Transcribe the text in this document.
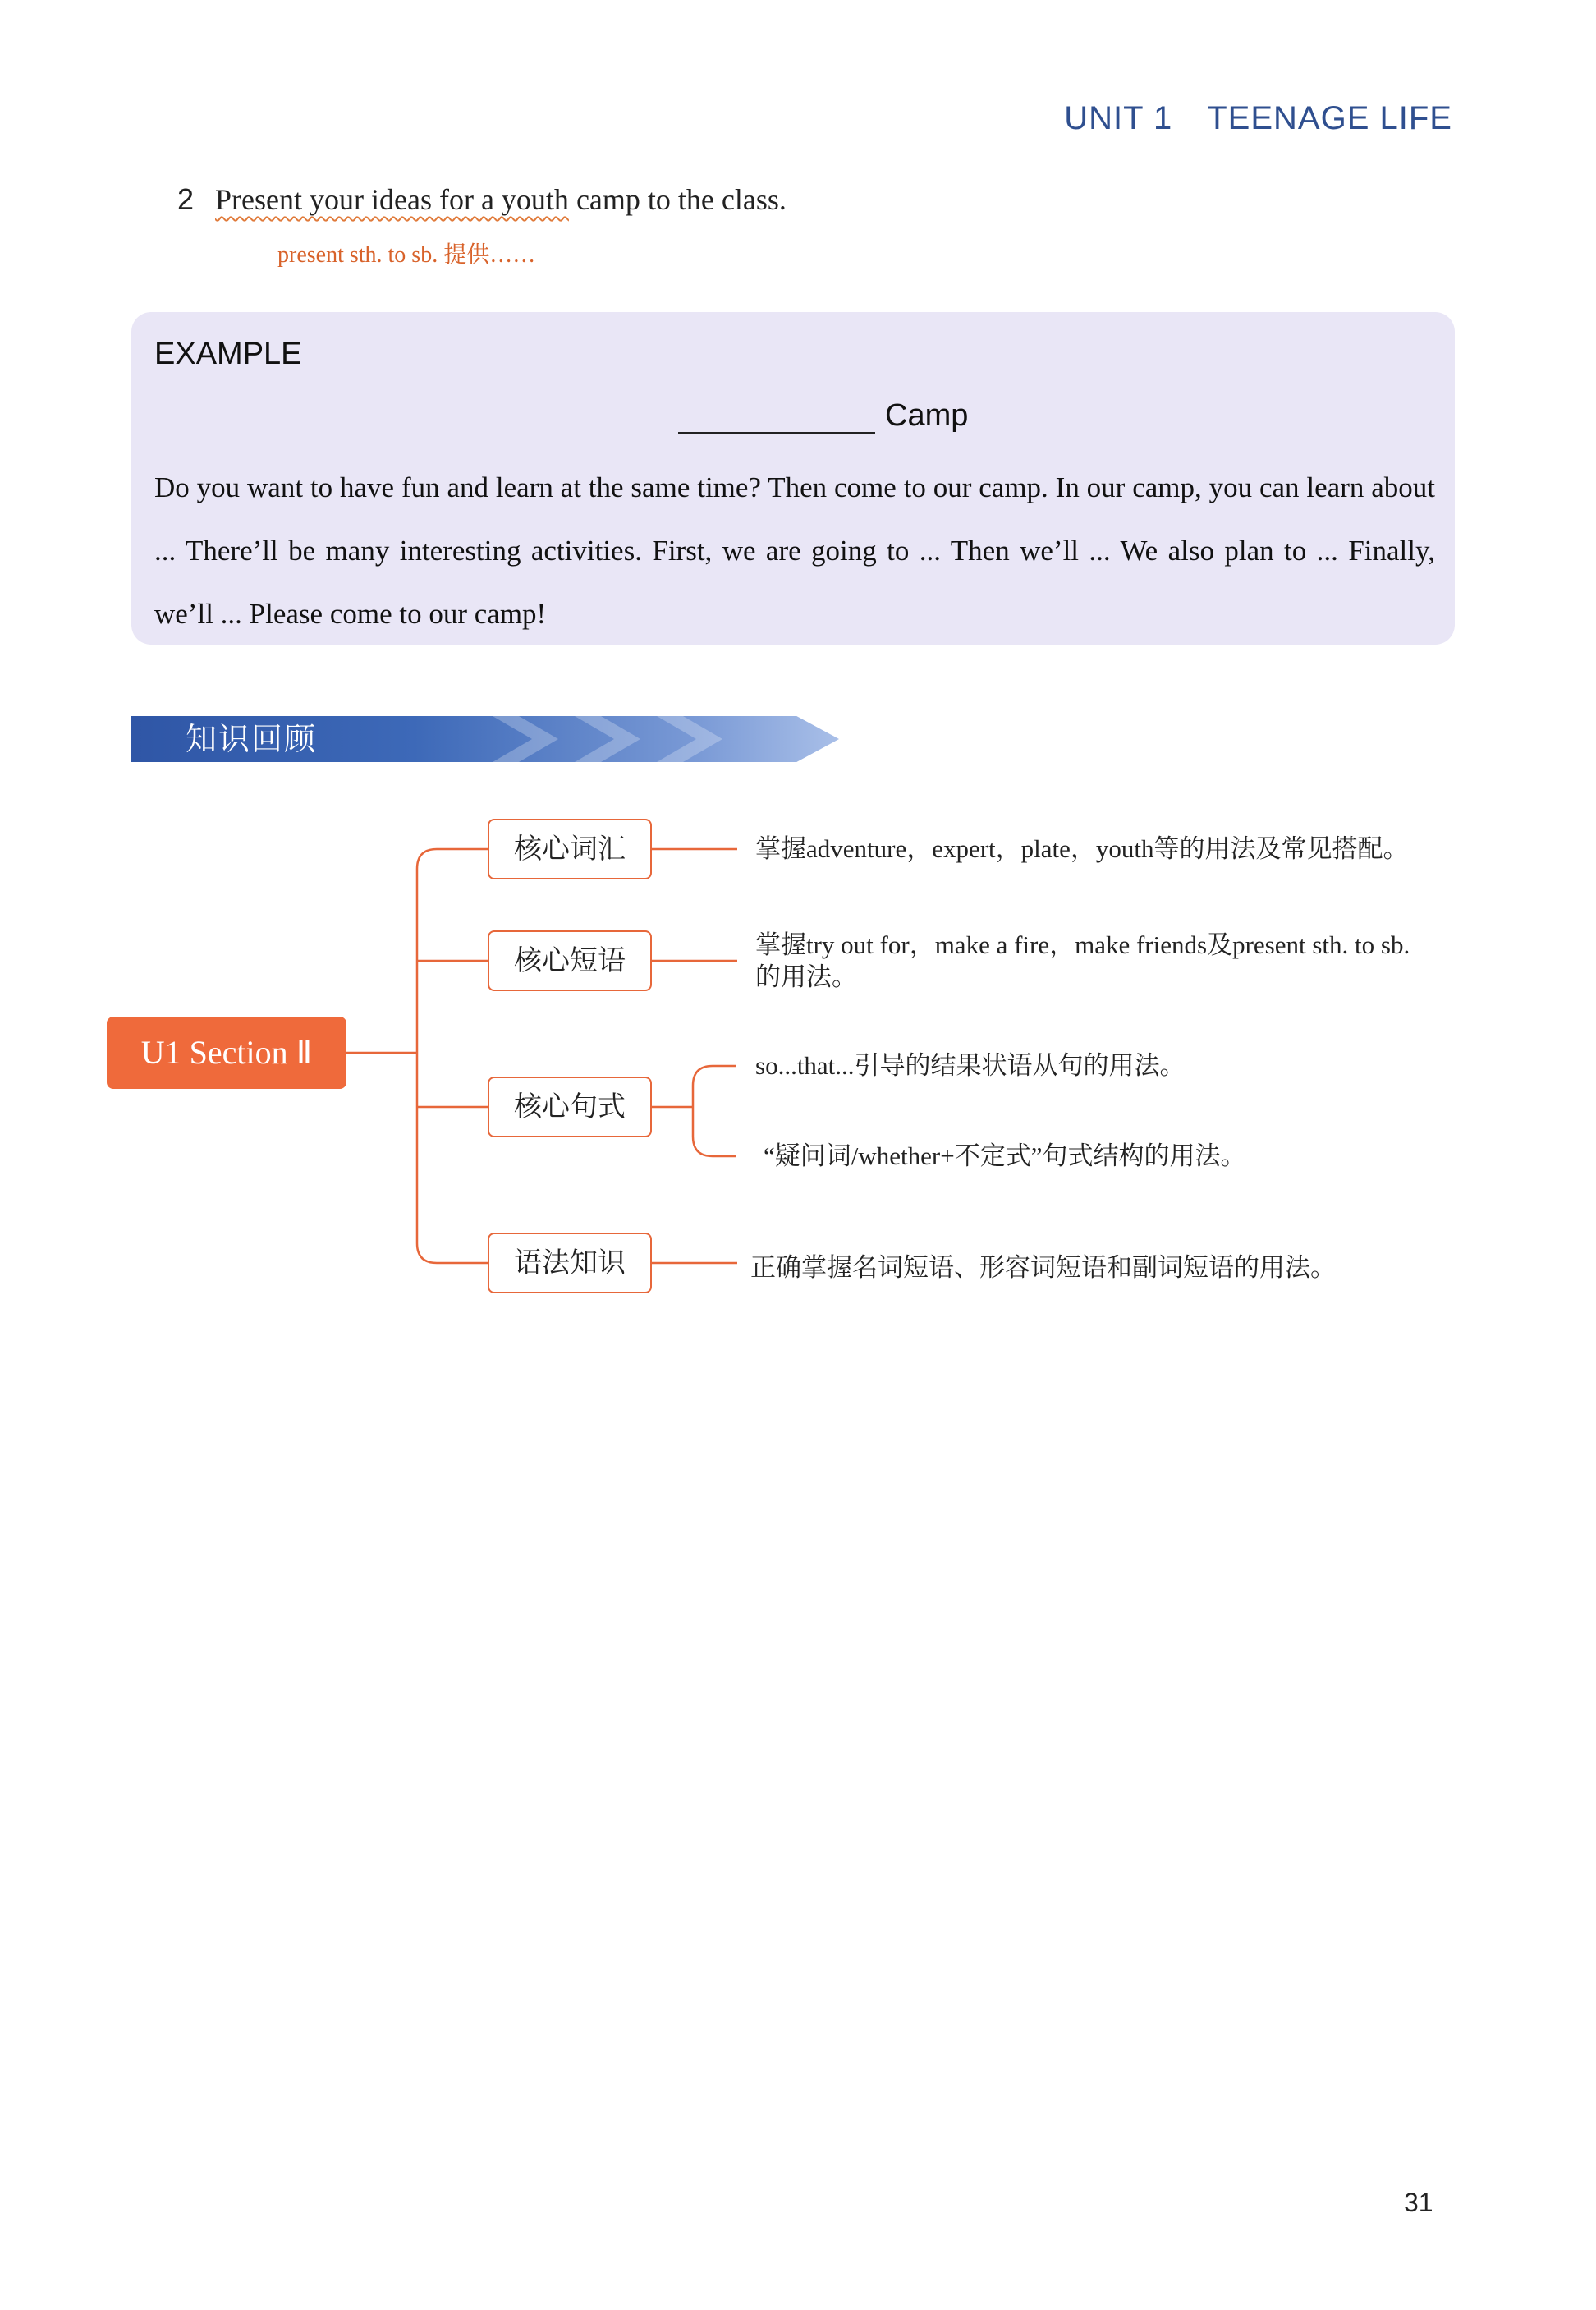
UNIT 1 TEENAGE LIFE
2 Present your ideas for a youth camp to the class.
present sth. to sb. 提供……
EXAMPLE
Camp
Do you want to have fun and learn at the same time? Then come to our camp. In our camp, you can learn about ... There’ll be many interesting activities. First, we are going to ... Then we’ll ... We also plan to ... Finally, we’ll ... Please come to our camp!
知识回顾
U1 Section Ⅱ
核心词汇
核心短语
核心句式
语法知识
掌握adventure，expert，plate，youth等的用法及常见搭配。
掌握try out for，make a fire，make friends及present sth. to sb.
的用法。
so...that...引导的结果状语从句的用法。
“疑问词/whether+不定式”句式结构的用法。
正确掌握名词短语、形容词短语和副词短语的用法。
31
